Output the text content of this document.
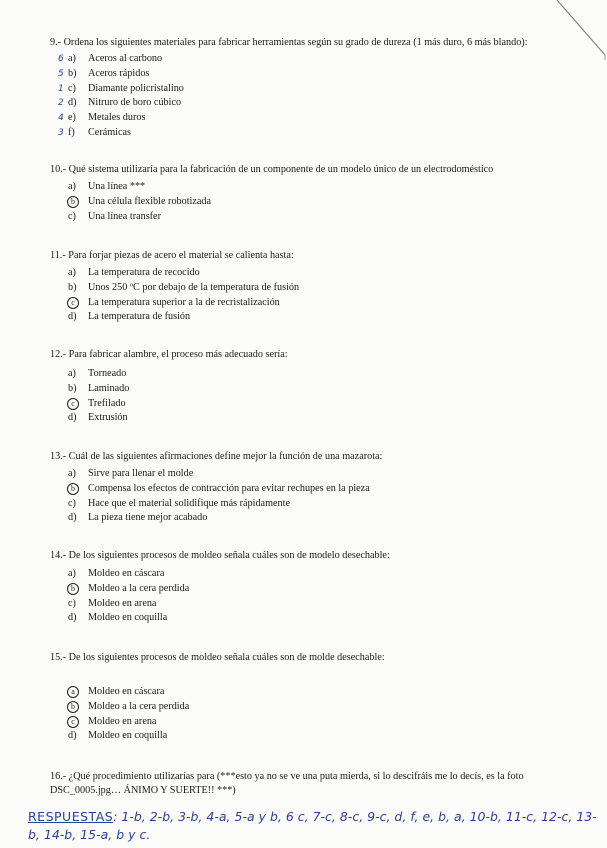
9.- Ordena los siguientes materiales para fabricar herramientas según su grado de dureza (1 más duro, 6 más blando):

6 a) Aceros al carbono
5 b) Aceros rápidos
1 c) Diamante policristalino
2 d) Nitruro de boro cúbico
4 e) Metales duros
3 f) Cerámicas

10.- Qué sistema utilizaría para la fabricación de un componente de un modelo único de un electrodoméstico

a) Una línea ***
b	Una célula flexible robotizada
c) Una línea transfer

11.- Para forjar piezas de acero el material se calienta hasta:

a) La temperatura de recocido
b) Unos 250 ºC por debajo de la temperatura de fusión
c	La temperatura superior a la de recristalización
d) La temperatura de fusión

12.- Para fabricar alambre, el proceso más adecuado sería:

a) Torneado
b) Laminado
c	Trefilado
d) Extrusión

13.- Cuál de las siguientes afirmaciones define mejor la función de una mazarota:

a) Sirve para llenar el molde
b	Compensa los efectos de contracción para evitar rechupes en la pieza
c) Hace que el material solidifique más rápidamente
d) La pieza tiene mejor acabado

14.- De los siguientes procesos de moldeo señala cuáles son de modelo desechable:

a) Moldeo en cáscara
b	Moldeo a la cera perdida
c) Moldeo en arena
d) Moldeo en coquilla

15.- De los siguientes procesos de moldeo señala cuáles son de molde desechable:

a	Moldeo en cáscara
b	Moldeo a la cera perdida
c	Moldeo en arena
d) Moldeo en coquilla

16.- ¿Qué procedimiento utilizarías para (***esto ya no se ve una puta mierda, si lo descifráis me lo decís, es la foto DSC_0005.jpg… ÁNIMO Y SUERTE!! ***)

RESPUESTAS: 1-b, 2-b, 3-b, 4-a, 5-a y b, 6 c, 7-c, 8-c, 9-c, d, f, e, b, a, 10-b, 11-c, 12-c, 13-b, 14-b, 15-a, b y c.
